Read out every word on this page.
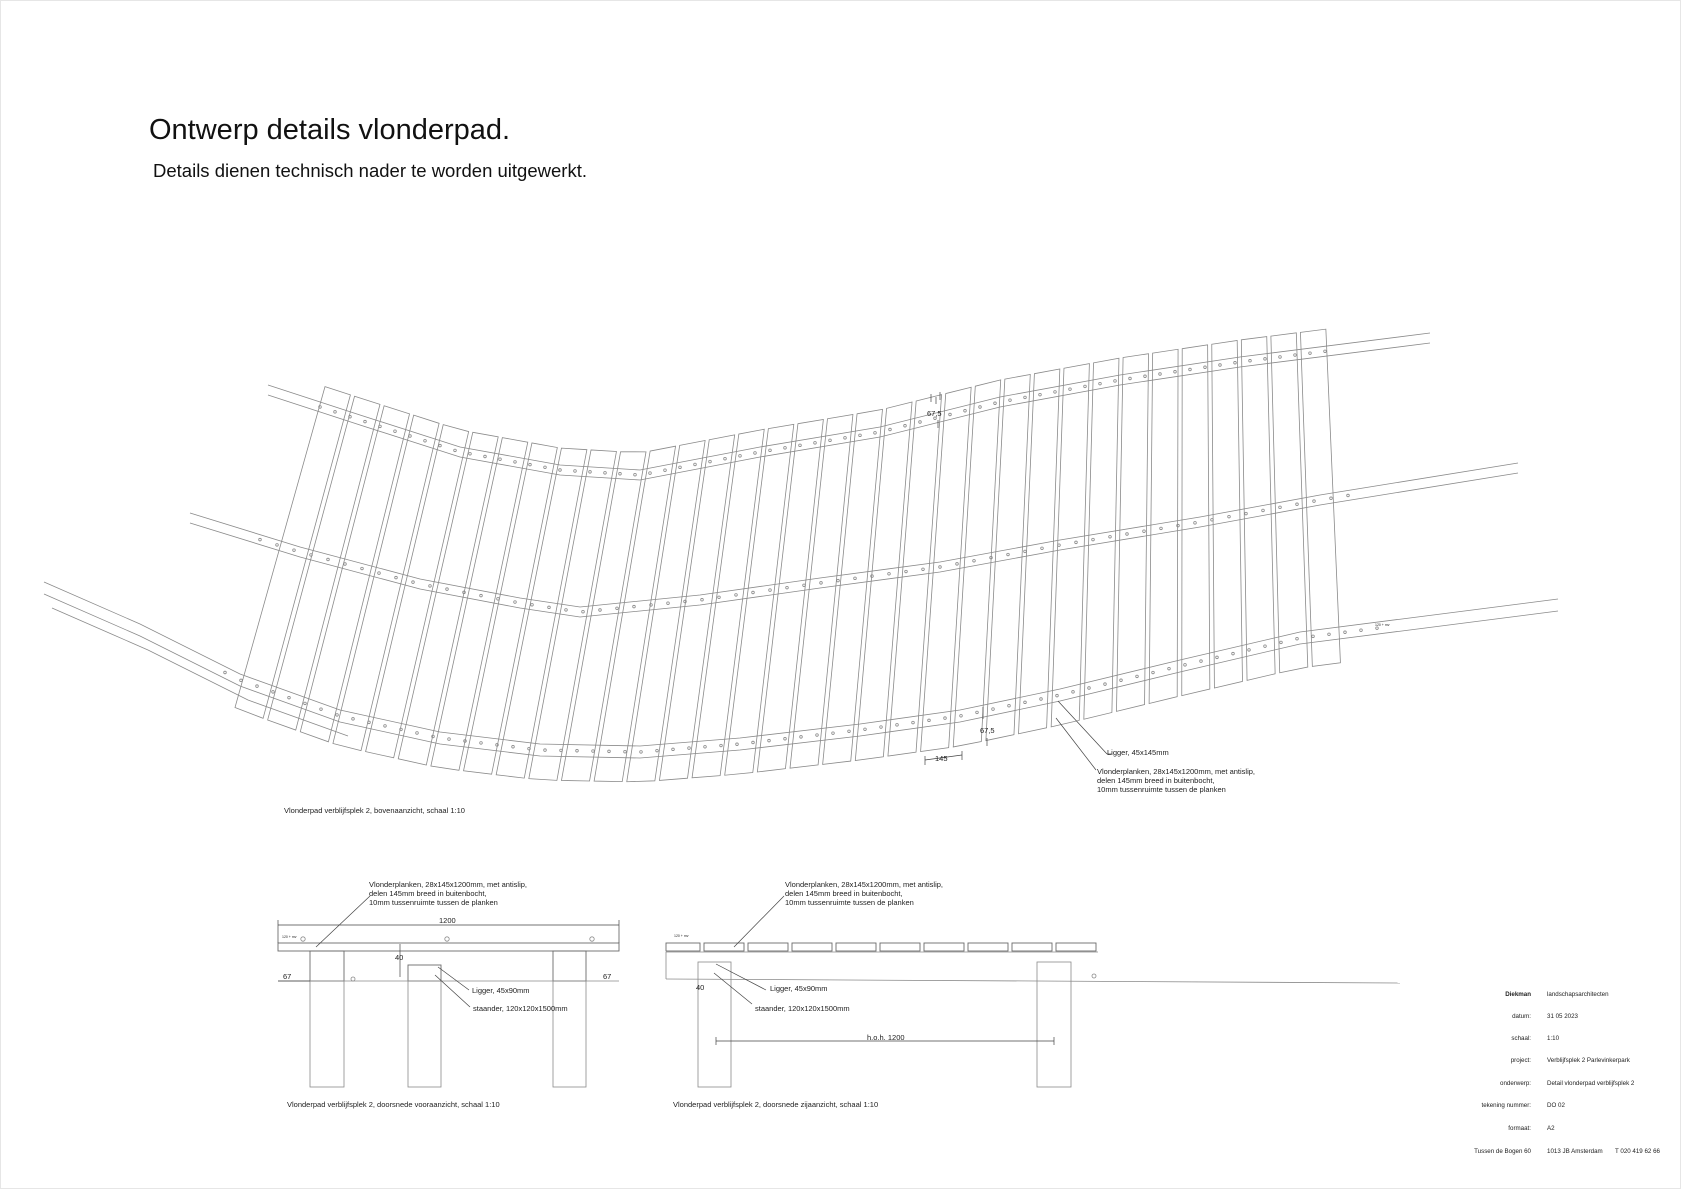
Ontwerp details vlonderpad.
Details dienen technisch nader te worden uitgewerkt.
67,5
67,5
145
Ligger, 45x145mm
Vlonderplanken, 28x145x1200mm, met antislip,
delen 145mm breed in buitenbocht,
10mm tussenruimte tussen de planken
120 + mv
Vlonderpad verblijfsplek 2, bovenaanzicht, schaal 1:10
1200
40
67	67
120 + mv
Vlonderplanken, 28x145x1200mm, met antislip,
delen 145mm breed in buitenbocht,
10mm tussenruimte tussen de planken
Ligger, 45x90mm
staander, 120x120x1500mm
Vlonderpad verblijfsplek 2, doorsnede vooraanzicht, schaal 1:10
120 + mv
40
h.o.h. 1200
Vlonderplanken, 28x145x1200mm, met antislip,
delen 145mm breed in buitenbocht,
10mm tussenruimte tussen de planken
Ligger, 45x90mm
staander, 120x120x1500mm
Vlonderpad verblijfsplek 2, doorsnede zijaanzicht, schaal 1:10
Diekman	landschapsarchitecten
datum:	31 05 2023
schaal:	1:10
project:	Verblijfsplek 2 Parlevinkerpark
onderwerp:	Detail vlonderpad verblijfsplek 2
tekening nummer:	DO 02
formaat:	A2
Tussen de Bogen 60	1013 JB Amsterdam T 020 419 62 66
